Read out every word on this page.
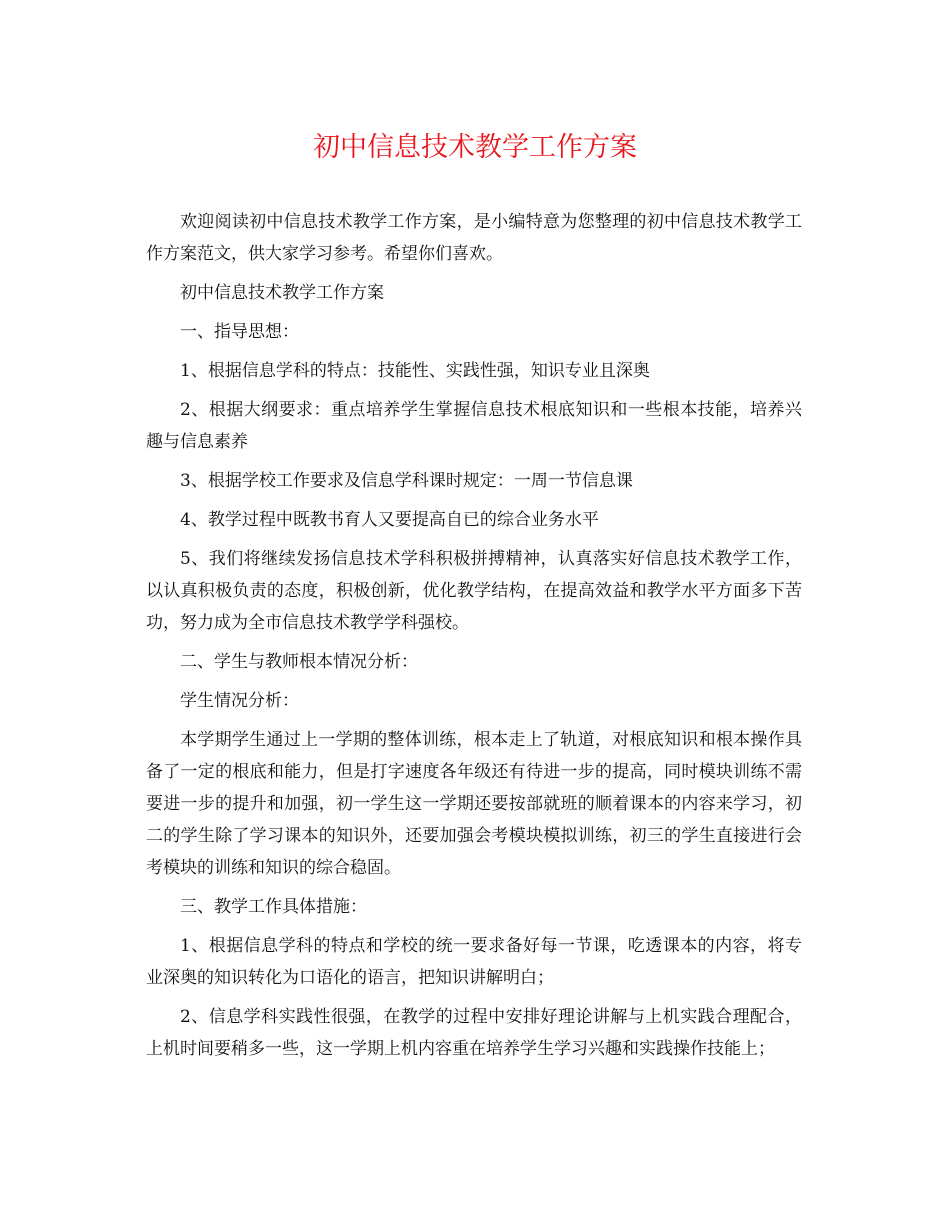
初中信息技术教学工作方案

欢迎阅读初中信息技术教学工作方案，是小编特意为您整理的初中信息技术教学工作方案范文，供大家学习参考。希望你们喜欢。

初中信息技术教学工作方案

一、指导思想：

1、根据信息学科的特点：技能性、实践性强，知识专业且深奥

2、根据大纲要求：重点培养学生掌握信息技术根底知识和一些根本技能，培养兴趣与信息素养

3、根据学校工作要求及信息学科课时规定：一周一节信息课

4、教学过程中既教书育人又要提高自已的综合业务水平

5、我们将继续发扬信息技术学科积极拼搏精神，认真落实好信息技术教学工作，以认真积极负责的态度，积极创新，优化教学结构，在提高效益和教学水平方面多下苦功，努力成为全市信息技术教学学科强校。

二、学生与教师根本情况分析：

学生情况分析：

本学期学生通过上一学期的整体训练，根本走上了轨道，对根底知识和根本操作具备了一定的根底和能力，但是打字速度各年级还有待进一步的提高，同时模块训练不需要进一步的提升和加强，初一学生这一学期还要按部就班的顺着课本的内容来学习，初二的学生除了学习课本的知识外，还要加强会考模块模拟训练，初三的学生直接进行会考模块的训练和知识的综合稳固。

三、教学工作具体措施：

1、根据信息学科的特点和学校的统一要求备好每一节课，吃透课本的内容，将专业深奥的知识转化为口语化的语言，把知识讲解明白；

2、信息学科实践性很强，在教学的过程中安排好理论讲解与上机实践合理配合，上机时间要稍多一些，这一学期上机内容重在培养学生学习兴趣和实践操作技能上；
